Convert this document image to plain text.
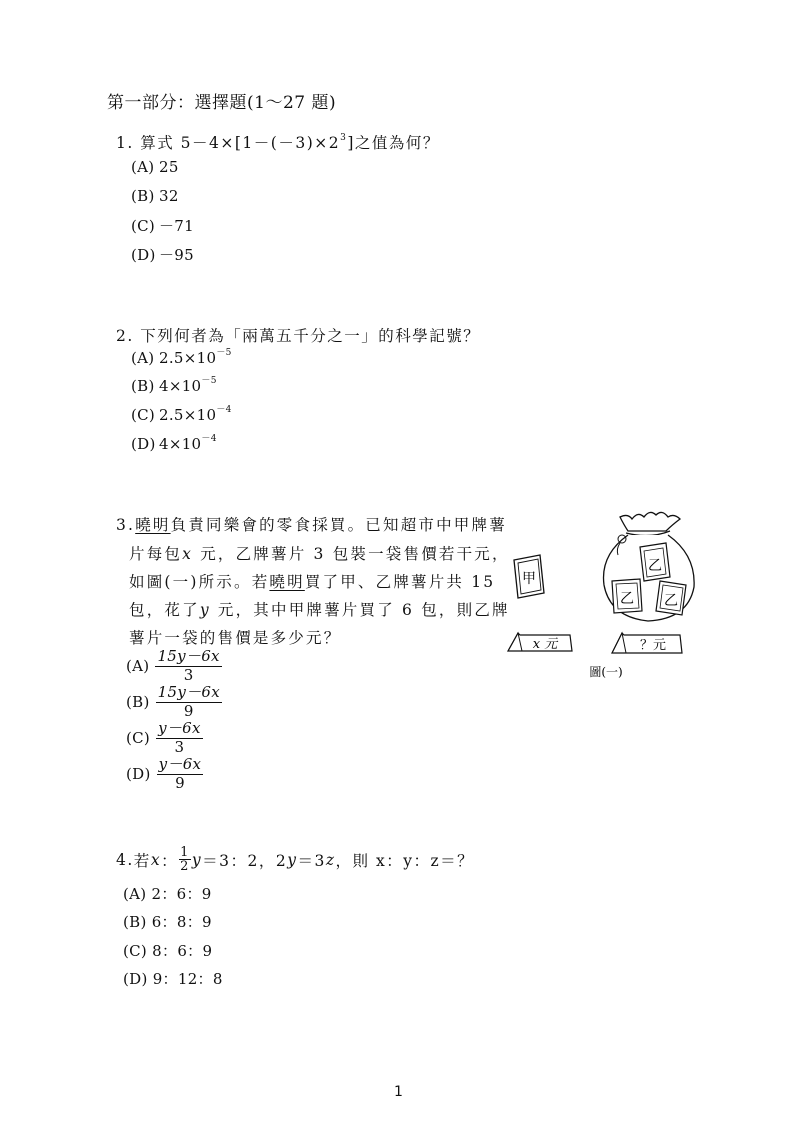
第一部分：選擇題(1～27 題)
1. 算式 $5-4\times[1-(-3)\times 2^3]$之值為何？
(A) 25
(B) 32
(C) －71
(D) －95
2. 下列何者為「兩萬五千分之一」的科學記號？
(A) $2.5\times 10^{-5}$
(B) $4\times 10^{-5}$
(C) $2.5\times 10^{-4}$
(D) $4\times 10^{-4}$
3.曉明負責同樂會的零食採買。已知超市中甲牌薯
片每包x 元，乙牌薯片 3 包裝一袋售價若干元，
如圖(一)所示。若曉明買了甲、乙牌薯片共 15
包，花了y 元，其中甲牌薯片買了 6 包，則乙牌
薯片一袋的售價是多少元？
$(A) \frac{15y-6x}{3}$
$(B) \frac{15y-6x}{9}$
$(C) \frac{y-6x}{3}$
$(D) \frac{y-6x}{9}$
甲
x 元
乙
乙 乙
？元
圖(一)
4. 若 x ： 1
2 y ＝3：2，2 y ＝3 z ，則 x：y：z＝？
(A) 2：6：9
(B) 6：8：9
(C) 8：6：9
(D) 9：12：8
1
